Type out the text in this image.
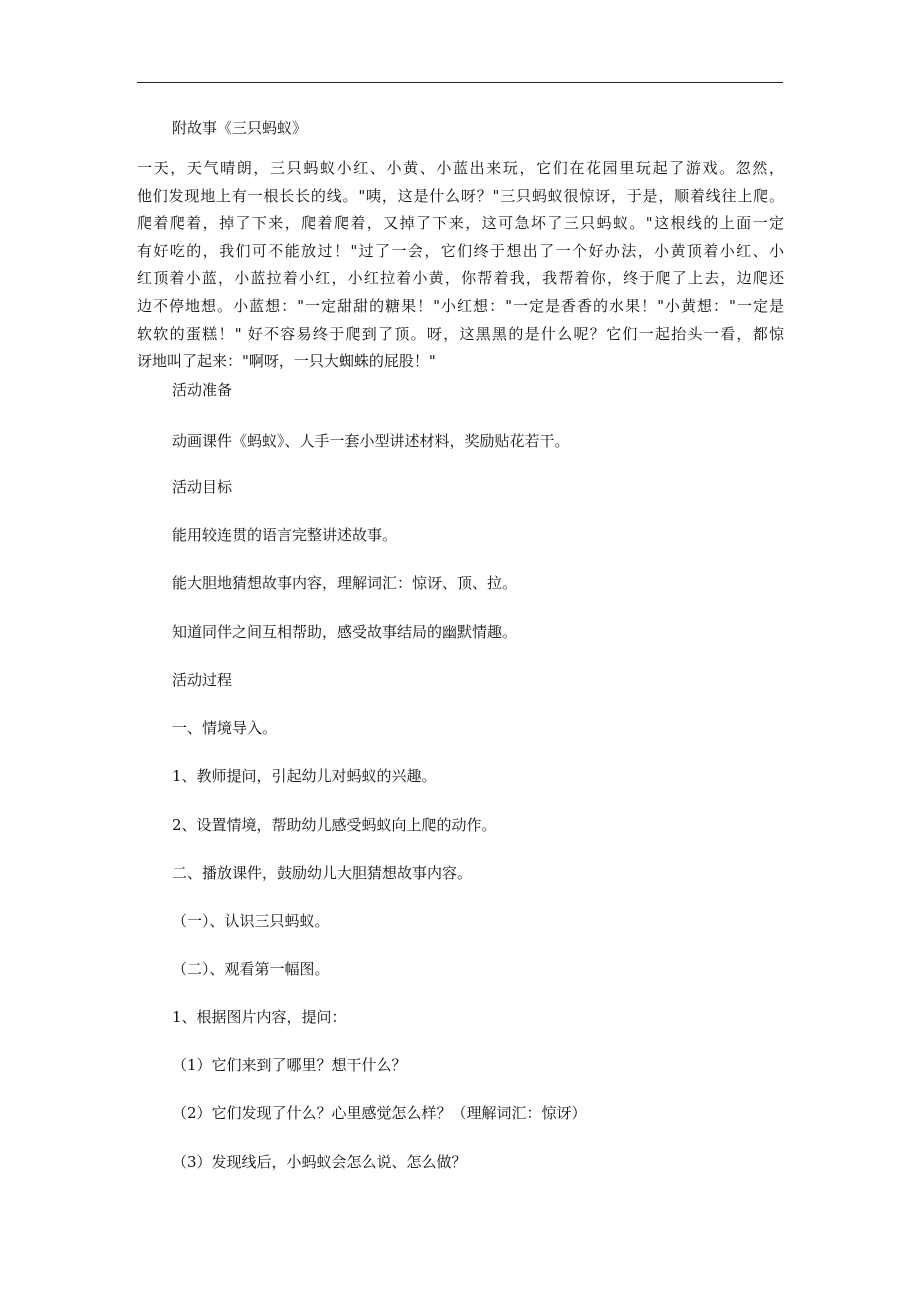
附故事《三只蚂蚁》
一天，天气晴朗，三只蚂蚁小红、小黄、小蓝出来玩，它们在花园里玩起了游戏。忽然，
他们发现地上有一根长长的线。"咦，这是什么呀？"三只蚂蚁很惊讶，于是，顺着线往上爬。
爬着爬着，掉了下来，爬着爬着，又掉了下来，这可急坏了三只蚂蚁。"这根线的上面一定
有好吃的，我们可不能放过！"过了一会，它们终于想出了一个好办法，小黄顶着小红、小
红顶着小蓝，小蓝拉着小红，小红拉着小黄，你帮着我，我帮着你，终于爬了上去，边爬还
边不停地想。小蓝想："一定甜甜的糖果！"小红想："一定是香香的水果！"小黄想："一定是
软软的蛋糕！" 好不容易终于爬到了顶。呀，这黑黑的是什么呢？它们一起抬头一看，都惊
讶地叫了起来："啊呀，一只大蜘蛛的屁股！"
活动准备
动画课件《蚂蚁》、人手一套小型讲述材料，奖励贴花若干。
活动目标
能用较连贯的语言完整讲述故事。
能大胆地猜想故事内容，理解词汇：惊讶、顶、拉。
知道同伴之间互相帮助，感受故事结局的幽默情趣。
活动过程
一、情境导入。
1、教师提问，引起幼儿对蚂蚁的兴趣。
2、设置情境，帮助幼儿感受蚂蚁向上爬的动作。
二、播放课件，鼓励幼儿大胆猜想故事内容。
（一）、认识三只蚂蚁。
（二）、观看第一幅图。
1、根据图片内容，提问：
（1）它们来到了哪里？想干什么？
（2）它们发现了什么？心里感觉怎么样？（理解词汇：惊讶）
（3）发现线后，小蚂蚁会怎么说、怎么做？
